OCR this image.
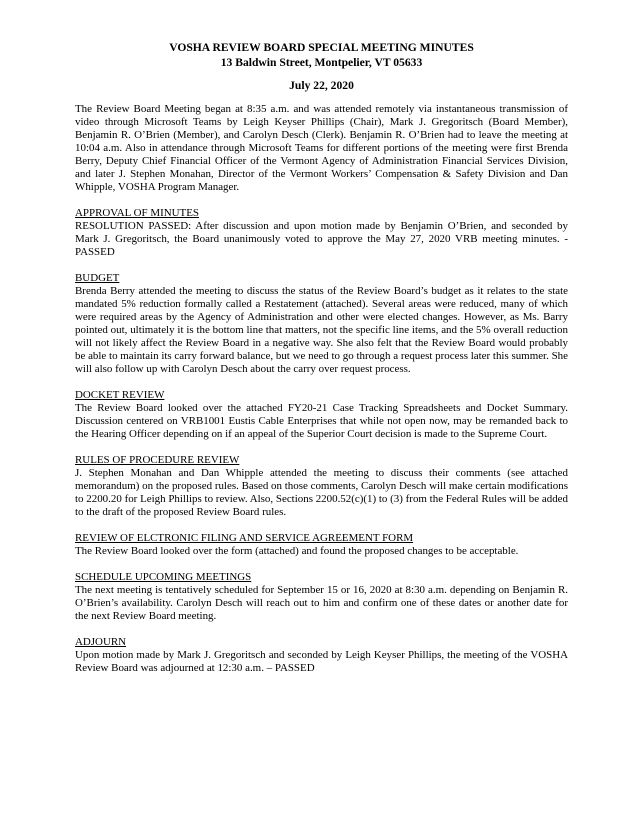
VOSHA REVIEW BOARD SPECIAL MEETING MINUTES
13 Baldwin Street, Montpelier, VT 05633
July 22, 2020

The Review Board Meeting began at 8:35 a.m. and was attended remotely via instantaneous transmission of video through Microsoft Teams by Leigh Keyser Phillips (Chair), Mark J. Gregoritsch (Board Member), Benjamin R. O’Brien (Member), and Carolyn Desch (Clerk). Benjamin R. O’Brien had to leave the meeting at 10:04 a.m. Also in attendance through Microsoft Teams for different portions of the meeting were first Brenda Berry, Deputy Chief Financial Officer of the Vermont Agency of Administration Financial Services Division, and later J. Stephen Monahan, Director of the Vermont Workers’ Compensation & Safety Division and Dan Whipple, VOSHA Program Manager.

APPROVAL OF MINUTES

RESOLUTION PASSED: After discussion and upon motion made by Benjamin O’Brien, and seconded by Mark J. Gregoritsch, the Board unanimously voted to approve the May 27, 2020 VRB meeting minutes. - PASSED

BUDGET

Brenda Berry attended the meeting to discuss the status of the Review Board’s budget as it relates to the state mandated 5% reduction formally called a Restatement (attached). Several areas were reduced, many of which were required areas by the Agency of Administration and other were elected changes. However, as Ms. Barry pointed out, ultimately it is the bottom line that matters, not the specific line items, and the 5% overall reduction will not likely affect the Review Board in a negative way. She also felt that the Review Board would probably be able to maintain its carry forward balance, but we need to go through a request process later this summer. She will also follow up with Carolyn Desch about the carry over request process.

DOCKET REVIEW

The Review Board looked over the attached FY20-21 Case Tracking Spreadsheets and Docket Summary. Discussion centered on VRB1001 Eustis Cable Enterprises that while not open now, may be remanded back to the Hearing Officer depending on if an appeal of the Superior Court decision is made to the Supreme Court.

RULES OF PROCEDURE REVIEW

J. Stephen Monahan and Dan Whipple attended the meeting to discuss their comments (see attached memorandum) on the proposed rules. Based on those comments, Carolyn Desch will make certain modifications to 2200.20 for Leigh Phillips to review. Also, Sections 2200.52(c)(1) to (3) from the Federal Rules will be added to the draft of the proposed Review Board rules.

REVIEW OF ELCTRONIC FILING AND SERVICE AGREEMENT FORM

The Review Board looked over the form (attached) and found the proposed changes to be acceptable.

SCHEDULE UPCOMING MEETINGS

The next meeting is tentatively scheduled for September 15 or 16, 2020 at 8:30 a.m. depending on Benjamin R. O’Brien’s availability. Carolyn Desch will reach out to him and confirm one of these dates or another date for the next Review Board meeting.

ADJOURN

Upon motion made by Mark J. Gregoritsch and seconded by Leigh Keyser Phillips, the meeting of the VOSHA Review Board was adjourned at 12:30 a.m. – PASSED
